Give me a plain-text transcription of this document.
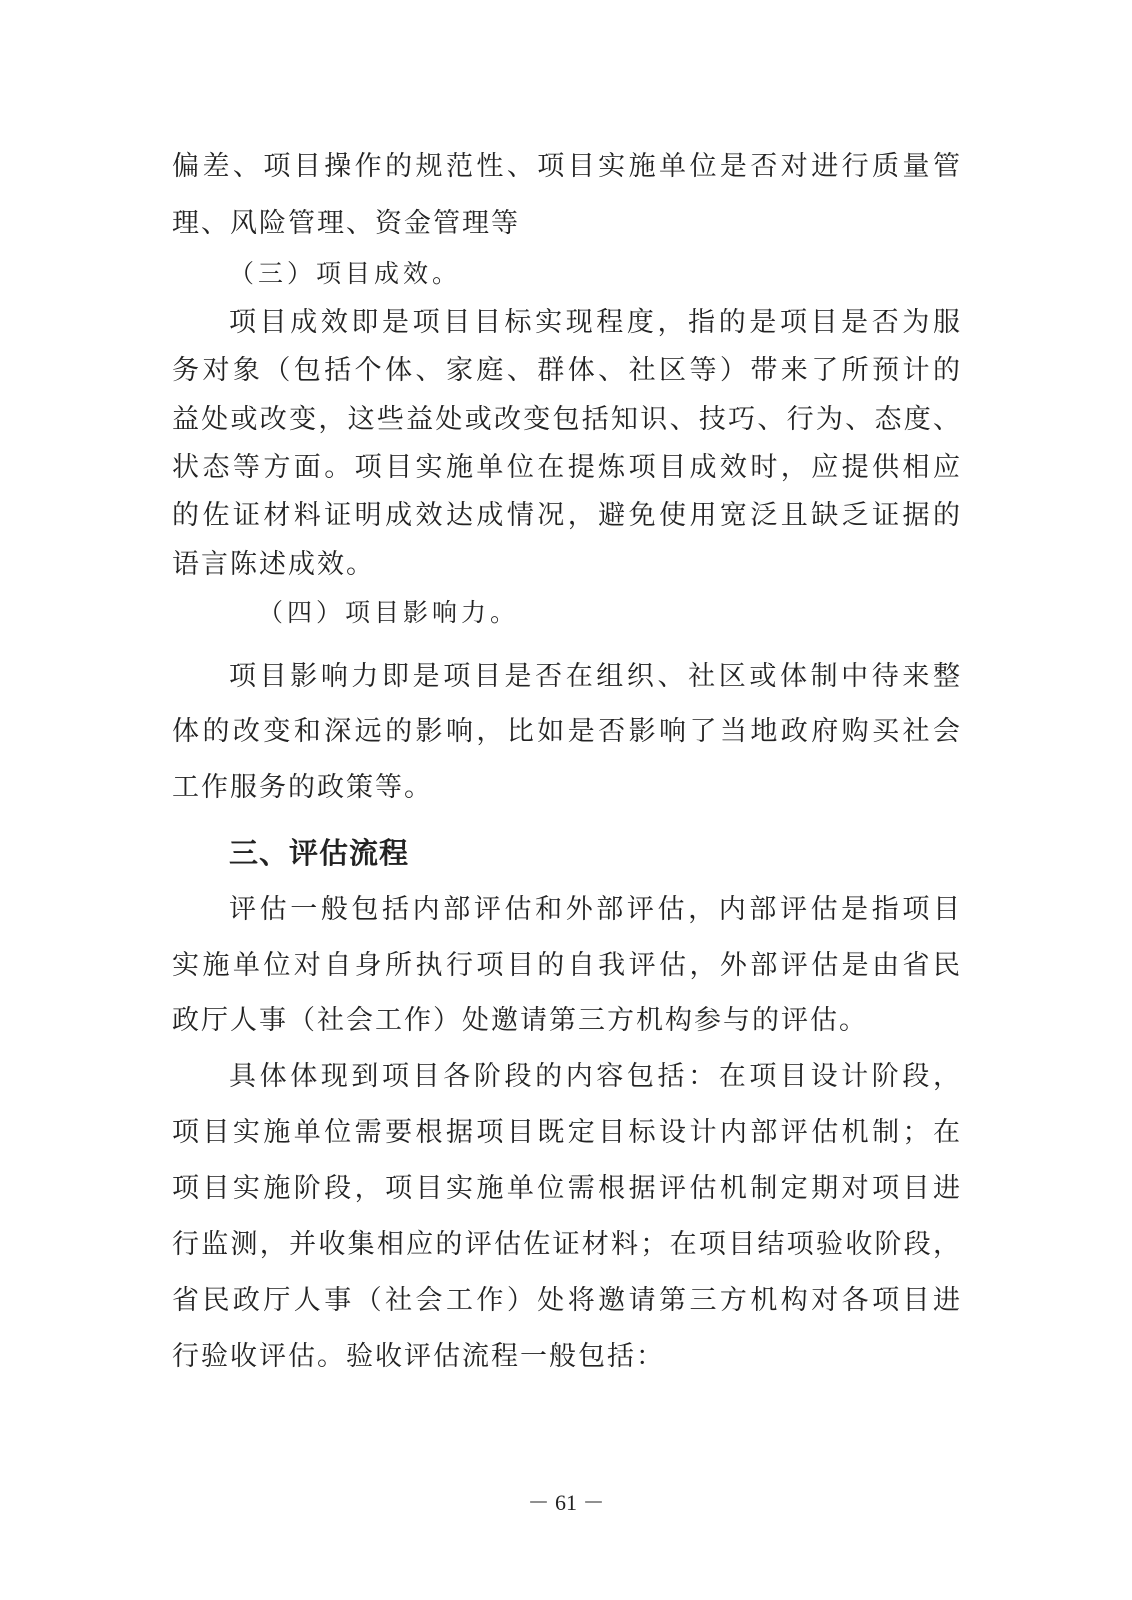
偏差、项目操作的规范性、项目实施单位是否对进行质量管
理、风险管理、资金管理等
（三）项目成效。
项目成效即是项目目标实现程度，指的是项目是否为服
务对象（包括个体、家庭、群体、社区等）带来了所预计的
益处或改变，这些益处或改变包括知识、技巧、行为、态度、
状态等方面。项目实施单位在提炼项目成效时，应提供相应
的佐证材料证明成效达成情况，避免使用宽泛且缺乏证据的
语言陈述成效。
（四）项目影响力。
项目影响力即是项目是否在组织、社区或体制中待来整
体的改变和深远的影响，比如是否影响了当地政府购买社会
工作服务的政策等。
三、评估流程
评估一般包括内部评估和外部评估，内部评估是指项目
实施单位对自身所执行项目的自我评估，外部评估是由省民
政厅人事（社会工作）处邀请第三方机构参与的评估。
具体体现到项目各阶段的内容包括：在项目设计阶段，
项目实施单位需要根据项目既定目标设计内部评估机制；在
项目实施阶段，项目实施单位需根据评估机制定期对项目进
行监测，并收集相应的评估佐证材料；在项目结项验收阶段，
省民政厅人事（社会工作）处将邀请第三方机构对各项目进
行验收评估。验收评估流程一般包括：
－ 61 －
